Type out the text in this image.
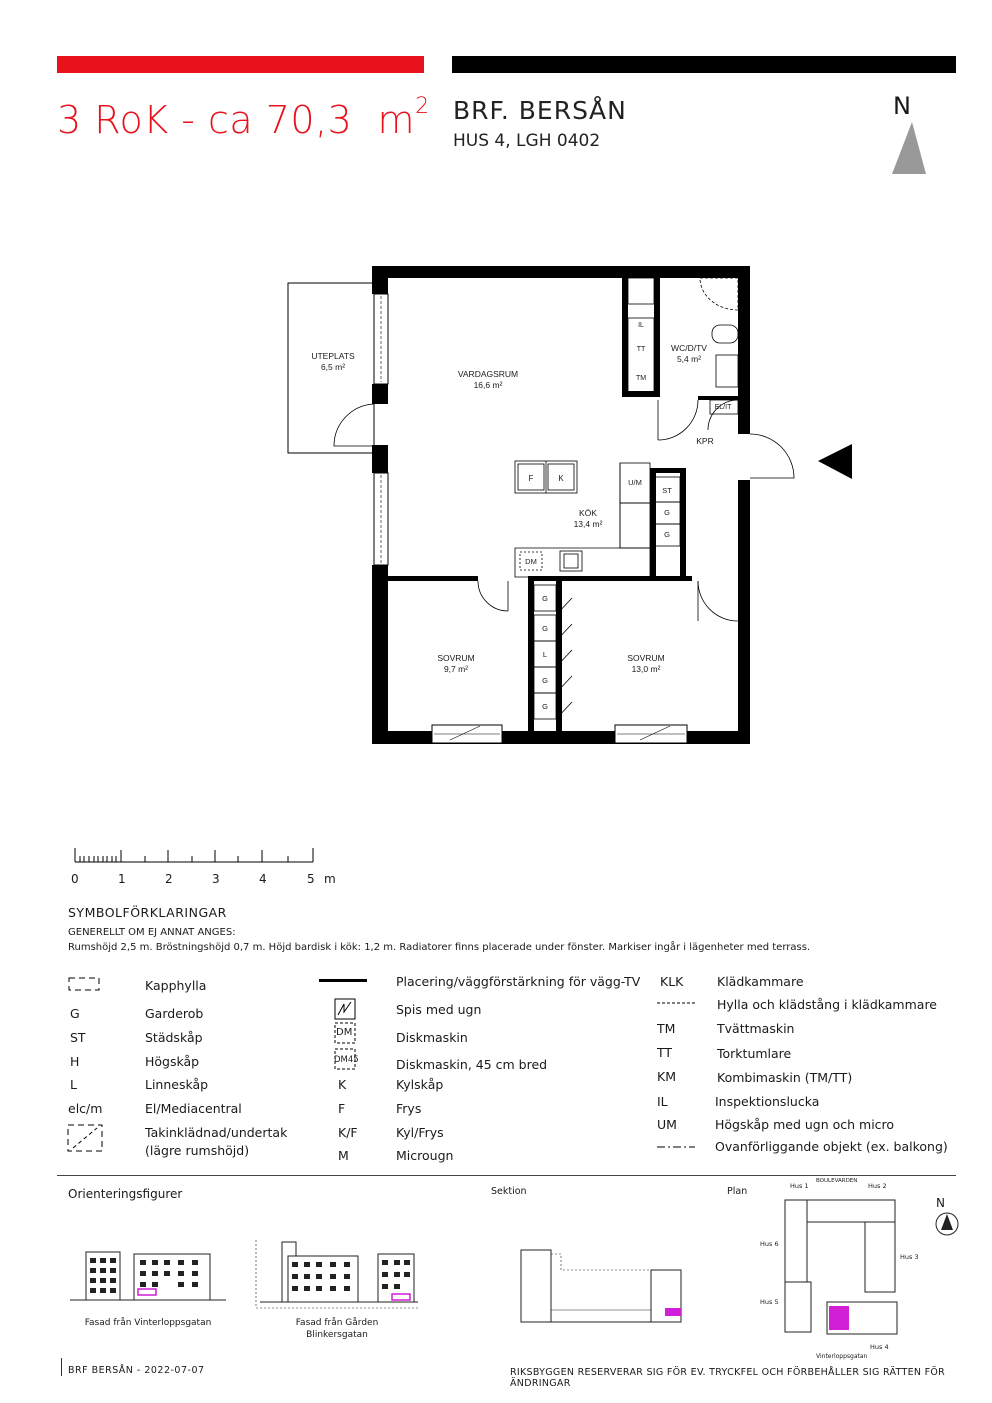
3 RoK - ca 70,3 $m^2$ BRF. BERSÅN
HUS 4, LGH 0402
N
UTEPLATS
6,5 m²
VARDAGSRUM
16,6 m²
WC/D/TV
5,4 m²
KPR
KÖK
13,4 m²
SOVRUM
9,7 m²
SOVRUM
13,0 m²
F	K	U/M
ST
G
G
DM
IL
TT
TM
EL/IT
G
G
L
G
G
0	1	2	3	4	5 m
SYMBOLFÖRKLARINGAR
GENERELLT OM EJ ANNAT ANGES:
Rumshöjd 2,5 m. Bröstningshöjd 0,7 m. Höjd bardisk i kök: 1,2 m. Radiatorer finns placerade under fönster. Markiser ingår i lägenheter med terrass.
Kapphylla
G	Garderob
ST	Städskåp
H	Högskåp
L	Linneskåp
elc/m	El/Mediacentral
Takinklädnad/undertak
(lägre rumshöjd)
Placering/väggförstärkning för vägg-TV
Spis med ugn
DM	Diskmaskin
DM45	Diskmaskin, 45 cm bred
K	Kylskåp
F	Frys
K/F	Kyl/Frys
M	Microugn
KLK	Klädkammare
Hylla och klädstång i klädkammare
TM	Tvättmaskin
TT	Torktumlare
KM	Kombimaskin (TM/TT)
IL	Inspektionslucka
UM	Högskåp med ugn och micro
Ovanförliggande objekt (ex. balkong)
Orienteringsfigurer	Sektion	Plan
Fasad från Vinterloppsgatan	Fasad från Gården
Blinkersgatan
Hus 1
BOULEVARDEN
Hus 2
Hus 6
Hus 3
Hus 5
Hus 4
Vinterloppsgatan
N
BRF BERSÅN - 2022-07-07	RIKSBYGGEN RESERVERAR SIG FÖR EV. TRYCKFEL OCH FÖRBEHÅLLER SIG RÄTTEN FÖR ÄNDRINGAR
